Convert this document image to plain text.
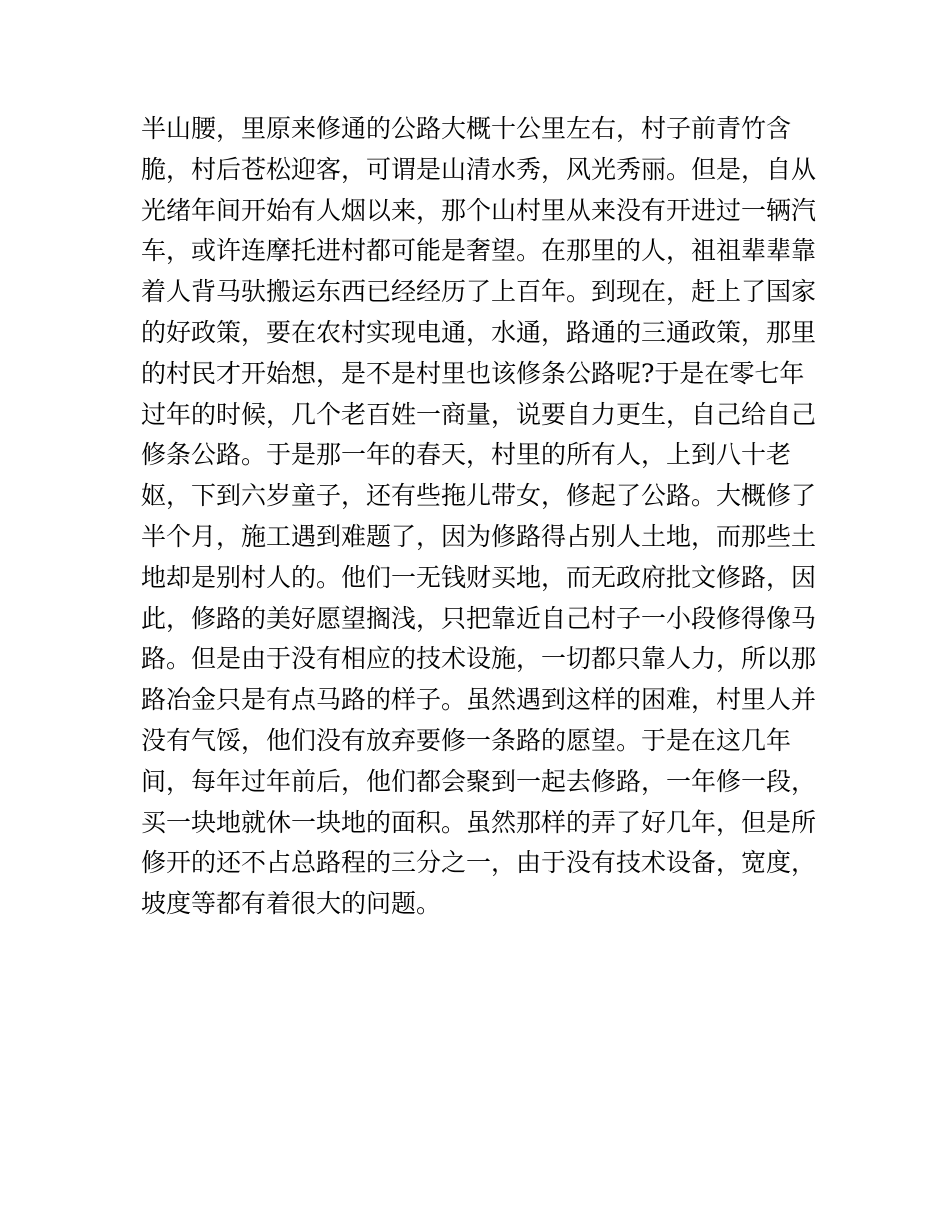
半山腰，里原来修通的公路大概十公里左右，村子前青竹含
脆，村后苍松迎客，可谓是山清水秀，风光秀丽。但是，自从
光绪年间开始有人烟以来，那个山村里从来没有开进过一辆汽
车，或许连摩托进村都可能是奢望。在那里的人，祖祖辈辈靠
着人背马驮搬运东西已经经历了上百年。到现在，赶上了国家
的好政策，要在农村实现电通，水通，路通的三通政策，那里
的村民才开始想，是不是村里也该修条公路呢?于是在零七年
过年的时候，几个老百姓一商量，说要自力更生，自己给自己
修条公路。于是那一年的春天，村里的所有人，上到八十老
妪，下到六岁童子，还有些拖儿带女，修起了公路。大概修了
半个月，施工遇到难题了，因为修路得占别人土地，而那些土
地却是别村人的。他们一无钱财买地，而无政府批文修路，因
此，修路的美好愿望搁浅，只把靠近自己村子一小段修得像马
路。但是由于没有相应的技术设施，一切都只靠人力，所以那
路冶金只是有点马路的样子。虽然遇到这样的困难，村里人并
没有气馁，他们没有放弃要修一条路的愿望。于是在这几年
间，每年过年前后，他们都会聚到一起去修路，一年修一段，
买一块地就休一块地的面积。虽然那样的弄了好几年，但是所
修开的还不占总路程的三分之一，由于没有技术设备，宽度，
坡度等都有着很大的问题。
